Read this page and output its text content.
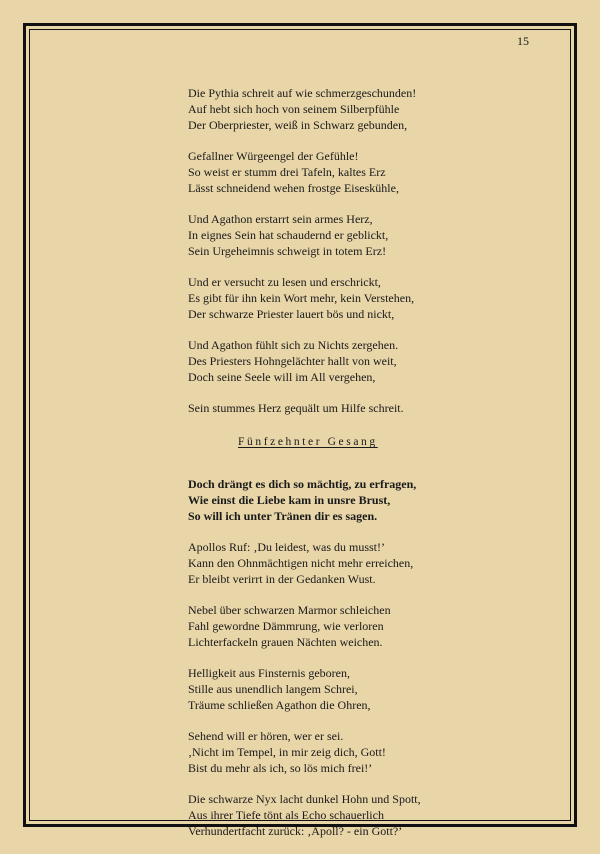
15
Die Pythia schreit auf wie schmerzgeschunden!
Auf hebt sich hoch von seinem Silberpfühle
Der Oberpriester, weiß in Schwarz gebunden,
Gefallner Würgeengel der Gefühle!
So weist er stumm drei Tafeln, kaltes Erz
Lässt schneidend wehen frostge Eiseskühle,
Und Agathon erstarrt sein armes Herz,
In eignes Sein hat schaudernd er geblickt,
Sein Urgeheimnis schweigt in totem Erz!
Und er versucht zu lesen und erschrickt,
Es gibt für ihn kein Wort mehr, kein Verstehen,
Der schwarze Priester lauert bös und nickt,
Und Agathon fühlt sich zu Nichts zergehen.
Des Priesters Hohngelächter hallt von weit,
Doch seine Seele will im All vergehen,
Sein stummes Herz gequält um Hilfe schreit.
Fünfzehnter Gesang
Doch drängt es dich so mächtig, zu erfragen,
Wie einst die Liebe kam in unsre Brust,
So will ich unter Tränen dir es sagen.
Apollos Ruf: ‚Du leidest, was du musst!’
Kann den Ohnmächtigen nicht mehr erreichen,
Er bleibt verirrt in der Gedanken Wust.
Nebel über schwarzen Marmor schleichen
Fahl gewordne Dämmrung, wie verloren
Lichterfackeln grauen Nächten weichen.
Helligkeit aus Finsternis geboren,
Stille aus unendlich langem Schrei,
Träume schließen Agathon die Ohren,
Sehend will er hören, wer er sei.
‚Nicht im Tempel, in mir zeig dich, Gott!
Bist du mehr als ich, so lös mich frei!’
Die schwarze Nyx lacht dunkel Hohn und Spott,
Aus ihrer Tiefe tönt als Echo schauerlich
Verhundertfacht zurück: ‚Apoll? - ein Gott?’
